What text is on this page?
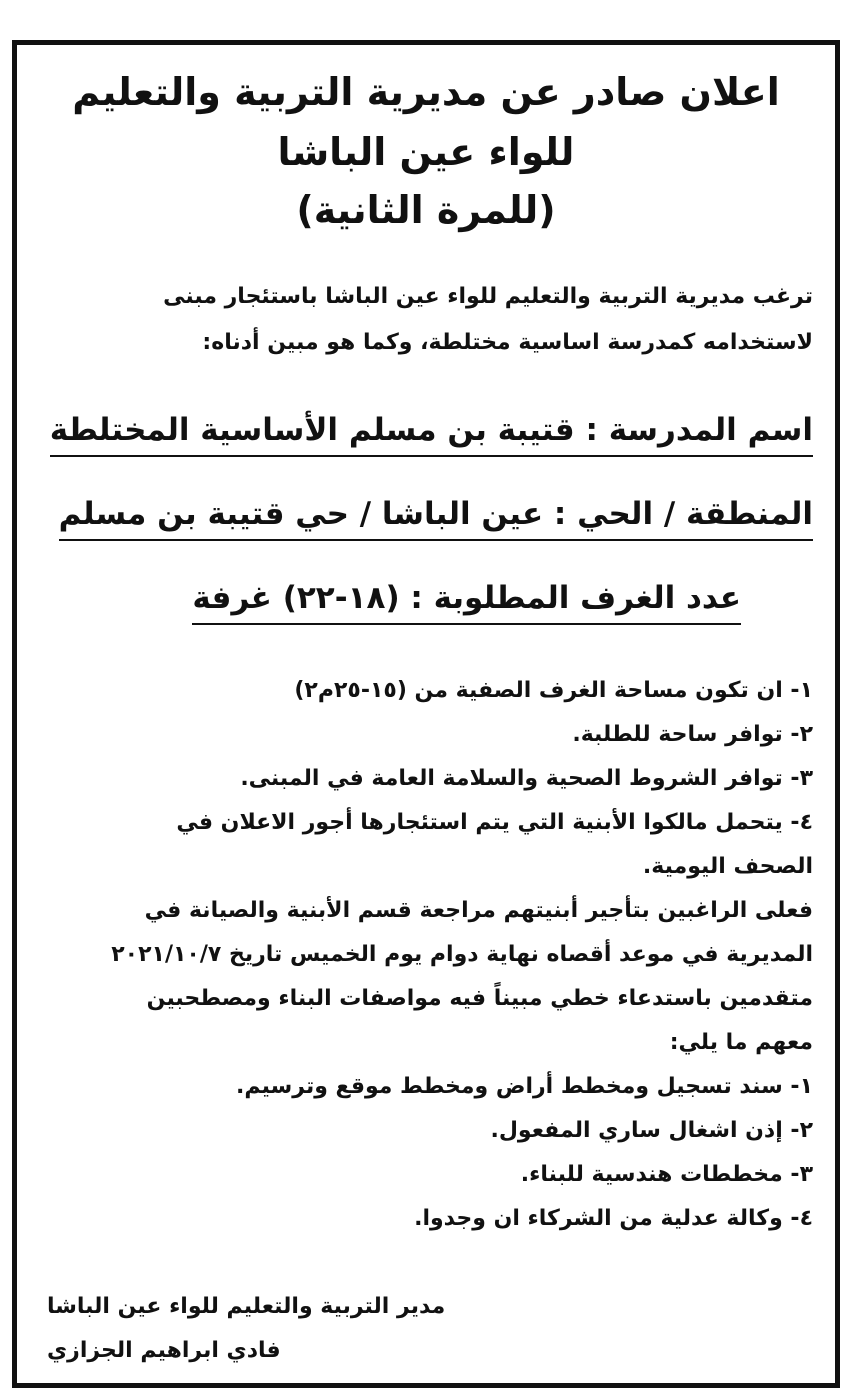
اعلان صادر عن مديرية التربية والتعليم
للواء عين الباشا
(للمرة الثانية)
ترغب مديرية التربية والتعليم للواء عين الباشا باستئجار مبنى
لاستخدامه كمدرسة اساسية مختلطة، وكما هو مبين أدناه:
اسم المدرسة : قتيبة بن مسلم الأساسية المختلطة
المنطقة / الحي : عين الباشا / حي قتيبة بن مسلم
عدد الغرف المطلوبة : (١٨-٢٢) غرفة
١- ان تكون مساحة الغرف الصفية من (١٥-٢٥م٢)
٢- توافر ساحة للطلبة.
٣- توافر الشروط الصحية والسلامة العامة في المبنى.
٤- يتحمل مالكوا الأبنية التي يتم استئجارها أجور الاعلان في
الصحف اليومية.
فعلى الراغبين بتأجير أبنيتهم مراجعة قسم الأبنية والصيانة في
المديرية في موعد أقصاه نهاية دوام يوم الخميس تاريخ ٢٠٢١/١٠/٧
متقدمين باستدعاء خطي مبيناً فيه مواصفات البناء ومصطحبين
معهم ما يلي:
١- سند تسجيل ومخطط أراض ومخطط موقع وترسيم.
٢- إذن اشغال ساري المفعول.
٣- مخططات هندسية للبناء.
٤- وكالة عدلية من الشركاء ان وجدوا.
مدير التربية والتعليم للواء عين الباشا
فادي ابراهيم الجزازي
